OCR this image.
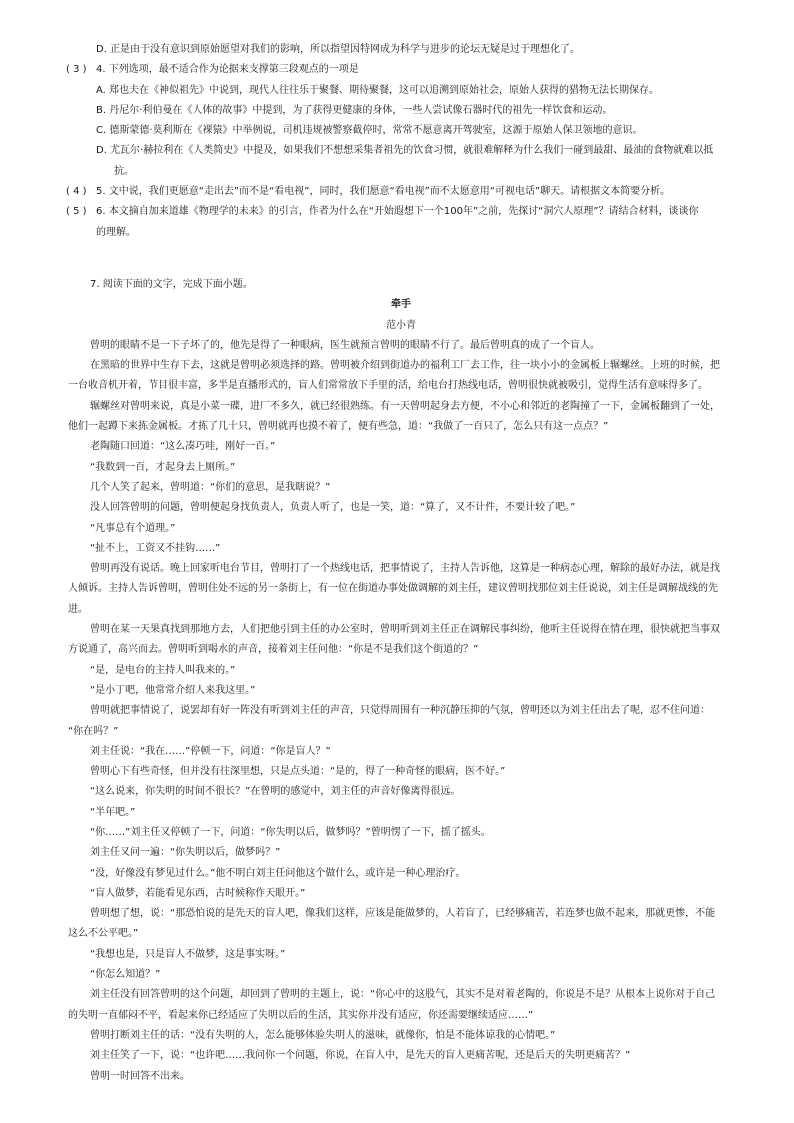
D. 正是由于没有意识到原始愿望对我们的影响，所以指望因特网成为科学与进步的论坛无疑是过于理想化了。
( 3 ) 4. 下列选项，最不适合作为论据来支撑第三段观点的一项是
A. 郑也夫在《神似祖先》中说到，现代人往往乐于聚餐、期待聚餐，这可以追溯到原始社会，原始人获得的猎物无法长期保存。
B. 丹尼尔·利伯曼在《人体的故事》中提到，为了获得更健康的身体，一些人尝试像石器时代的祖先一样饮食和运动。
C. 德斯蒙德·莫利斯在《裸猿》中举例说，司机违规被警察截停时，常常不愿意离开驾驶室，这源于原始人保卫领地的意识。
D. 尤瓦尔·赫拉利在《人类简史》中提及，如果我们不想想采集者祖先的饮食习惯，就很难解释为什么我们一碰到最甜、最油的食物就难以抵
抗。
( 4 ) 5. 文中说，我们更愿意“走出去”而不是“看电视”，同时，我们愿意“看电视”而不太愿意用“可视电话”聊天。请根据文本简要分析。
( 5 ) 6. 本文摘自加来道雄《物理学的未来》的引言，作者为什么在“开始遐想下一个100年”之前，先探讨“洞穴人原理”？请结合材料，谈谈你
的理解。
7. 阅读下面的文字，完成下面小题。
牵手
范小青
曾明的眼睛不是一下子坏了的，他先是得了一种眼病，医生就预言曾明的眼睛不行了。最后曾明真的成了一个盲人。
在黑暗的世界中生存下去，这就是曾明必须选择的路。曾明被介绍到街道办的福利工厂去工作，往一块小小的金属板上辗螺丝。上班的时候，把
一台收音机开着，节目很丰富，多半是直播形式的，盲人们常常放下手里的活，给电台打热线电话，曾明很快就被吸引，觉得生活有意味得多了。
辗螺丝对曾明来说，真是小菜一碟，进厂不多久，就已经很熟练。有一天曾明起身去方便，不小心和邻近的老陶撞了一下，金属板翻到了一处，
他们一起蹲下来拣金属板。才拣了几十只，曾明就再也摸不着了，便有些急，道：“我做了一百只了，怎么只有这一点点？”
老陶随口回道：“这么凑巧哇，刚好一百。”
“我数到一百，才起身去上厕所。”
几个人笑了起来，曾明道：“你们的意思，是我瞎说？”
没人回答曾明的问题，曾明便起身找负责人，负责人听了，也是一笑，道：“算了，又不计件，不要计较了吧。”
“凡事总有个道理。”
“扯不上，工资又不挂钩……”
曾明再没有说话。晚上回家听电台节目，曾明打了一个热线电话，把事情说了，主持人告诉他，这算是一种病态心理，解除的最好办法，就是找
人倾诉。主持人告诉曾明，曾明住处不远的另一条街上，有一位在街道办事处做调解的刘主任，建议曾明找那位刘主任说说，刘主任是调解战线的先
进。
曾明在某一天果真找到那地方去，人们把他引到主任的办公室时，曾明听到刘主任正在调解民事纠纷，他听主任说得在情在理，很快就把当事双
方说通了，高兴而去。曾明听到喝水的声音，接着刘主任问他：“你是不是我们这个街道的？”
“是，是电台的主持人叫我来的。”
“是小丁吧，他常常介绍人来我这里。”
曾明就把事情说了，说罢却有好一阵没有听到刘主任的声音，只觉得周围有一种沉静压抑的气氛，曾明还以为刘主任出去了呢，忍不住问道：
“你在吗？”
刘主任说：“我在……”停顿一下，问道：“你是盲人？”
曾明心下有些奇怪，但并没有往深里想，只是点头道：“是的，得了一种奇怪的眼病，医不好。”
“这么说来，你失明的时间不很长？”在曾明的感觉中，刘主任的声音好像离得很远。
“半年吧。”
“你……”刘主任又停顿了一下，问道：“你失明以后，做梦吗？”曾明愣了一下，摇了摇头。
刘主任又问一遍：“你失明以后，做梦吗？”
“没，好像没有梦见过什么。”他不明白刘主任问他这个做什么，或许是一种心理治疗。
“盲人做梦，若能看见东西，古时候称作天眼开。”
曾明想了想，说：“那恐怕说的是先天的盲人吧，像我们这样，应该是能做梦的，人若盲了，已经够痛苦，若连梦也做不起来，那就更惨，不能
这么不公平吧。”
“我想也是，只是盲人不做梦，这是事实呀。”
“你怎么知道？”
刘主任没有回答曾明的这个问题，却回到了曾明的主题上，说：“你心中的这股气，其实不是对着老陶的，你说是不是？从根本上说你对于自己
的失明一直郁闷不平，看起来你已经适应了失明以后的生活，其实你并没有适应，你还需要继续适应……”
曾明打断刘主任的话：“没有失明的人，怎么能够体验失明人的滋味，就像你，怕是不能体谅我的心情吧。”
刘主任笑了一下，说：“也许吧……我问你一个问题，你说，在盲人中，是先天的盲人更痛苦呢，还是后天的失明更痛苦？”
曾明一时回答不出来。
